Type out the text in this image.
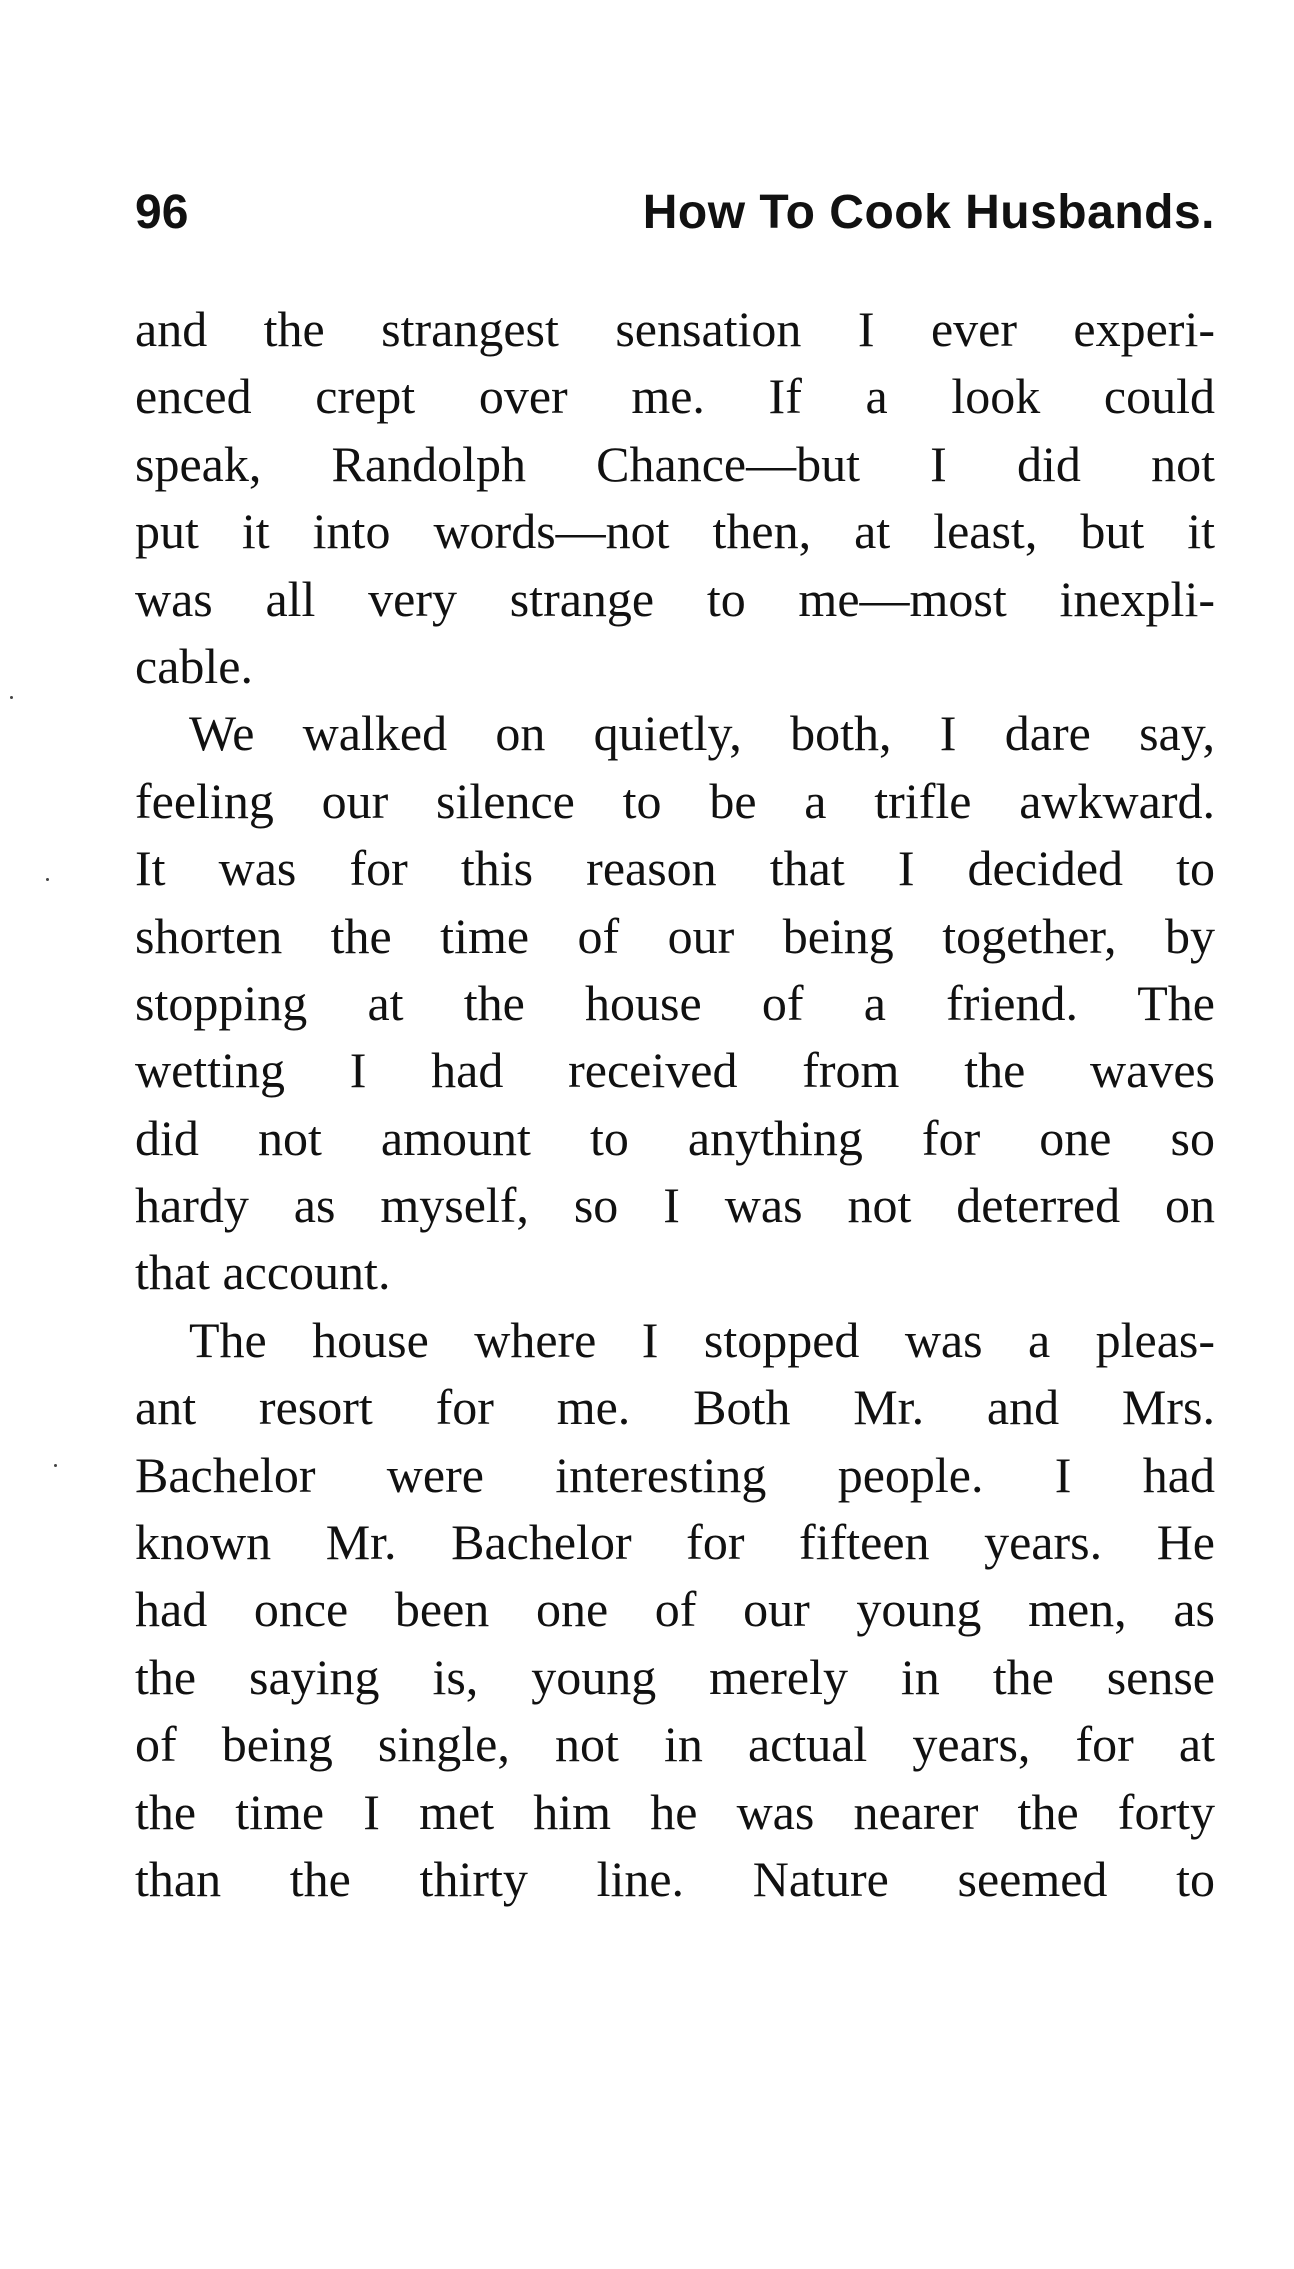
96	How To Cook Husbands.
and the strangest sensation I ever experi-
enced crept over me. If a look could
speak, Randolph Chance—but I did not
put it into words—not then, at least, but it
was all very strange to me—most inexpli-
cable.
We walked on quietly, both, I dare say,
feeling our silence to be a trifle awkward.
It was for this reason that I decided to
shorten the time of our being together, by
stopping at the house of a friend. The
wetting I had received from the waves
did not amount to anything for one so
hardy as myself, so I was not deterred on
that account.
The house where I stopped was a pleas-
ant resort for me. Both Mr. and Mrs.
Bachelor were interesting people. I had
known Mr. Bachelor for fifteen years. He
had once been one of our young men, as
the saying is, young merely in the sense
of being single, not in actual years, for at
the time I met him he was nearer the forty
than the thirty line. Nature seemed to
